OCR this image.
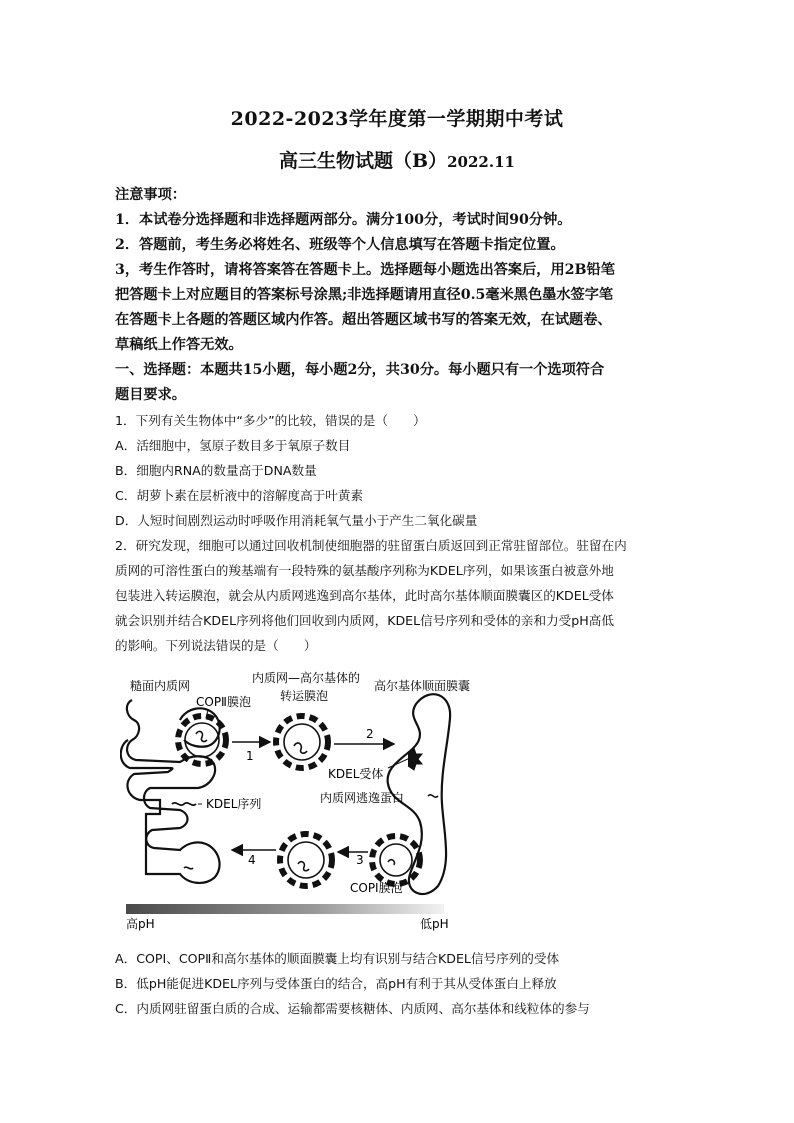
2022-2023学年度第一学期期中考试
高三生物试题（B）2022.11
注意事项：
1．本试卷分选择题和非选择题两部分。满分100分，考试时间90分钟。
2．答题前，考生务必将姓名、班级等个人信息填写在答题卡指定位置。
3，考生作答时，请将答案答在答题卡上。选择题每小题选出答案后，用2B铅笔
把答题卡上对应题目的答案标号涂黑;非选择题请用直径0.5毫米黑色墨水签字笔
在答题卡上各题的答题区域内作答。超出答题区域书写的答案无效，在试题卷、
草稿纸上作答无效。
一、选择题：本题共15小题，每小题2分，共30分。每小题只有一个选项符合
题目要求。
1．下列有关生物体中“多少”的比较，错误的是（　　）
A．活细胞中，氢原子数目多于氧原子数目
B．细胞内RNA的数量高于DNA数量
C．胡萝卜素在层析液中的溶解度高于叶黄素
D．人短时间剧烈运动时呼吸作用消耗氧气量小于产生二氧化碳量
2．研究发现，细胞可以通过回收机制使细胞器的驻留蛋白质返回到正常驻留部位。驻留在内
质网的可溶性蛋白的羧基端有一段特殊的氨基酸序列称为KDEL序列，如果该蛋白被意外地
包装进入转运膜泡，就会从内质网逃逸到高尔基体，此时高尔基体顺面膜囊区的KDEL受体
就会识别并结合KDEL序列将他们回收到内质网，KDEL信号序列和受体的亲和力受pH高低
的影响。下列说法错误的是（　　）
糙面内质网
COPⅡ膜泡
内质网—高尔基体的
转运膜泡
高尔基体顺面膜囊
1
2
KDEL受体
KDEL序列	内质网逃逸蛋白
3
4
COPⅠ膜泡
高pH	低pH
A．COPⅠ、COPⅡ和高尔基体的顺面膜囊上均有识别与结合KDEL信号序列的受体
B．低pH能促进KDEL序列与受体蛋白的结合，高pH有利于其从受体蛋白上释放
C．内质网驻留蛋白质的合成、运输都需要核糖体、内质网、高尔基体和线粒体的参与
